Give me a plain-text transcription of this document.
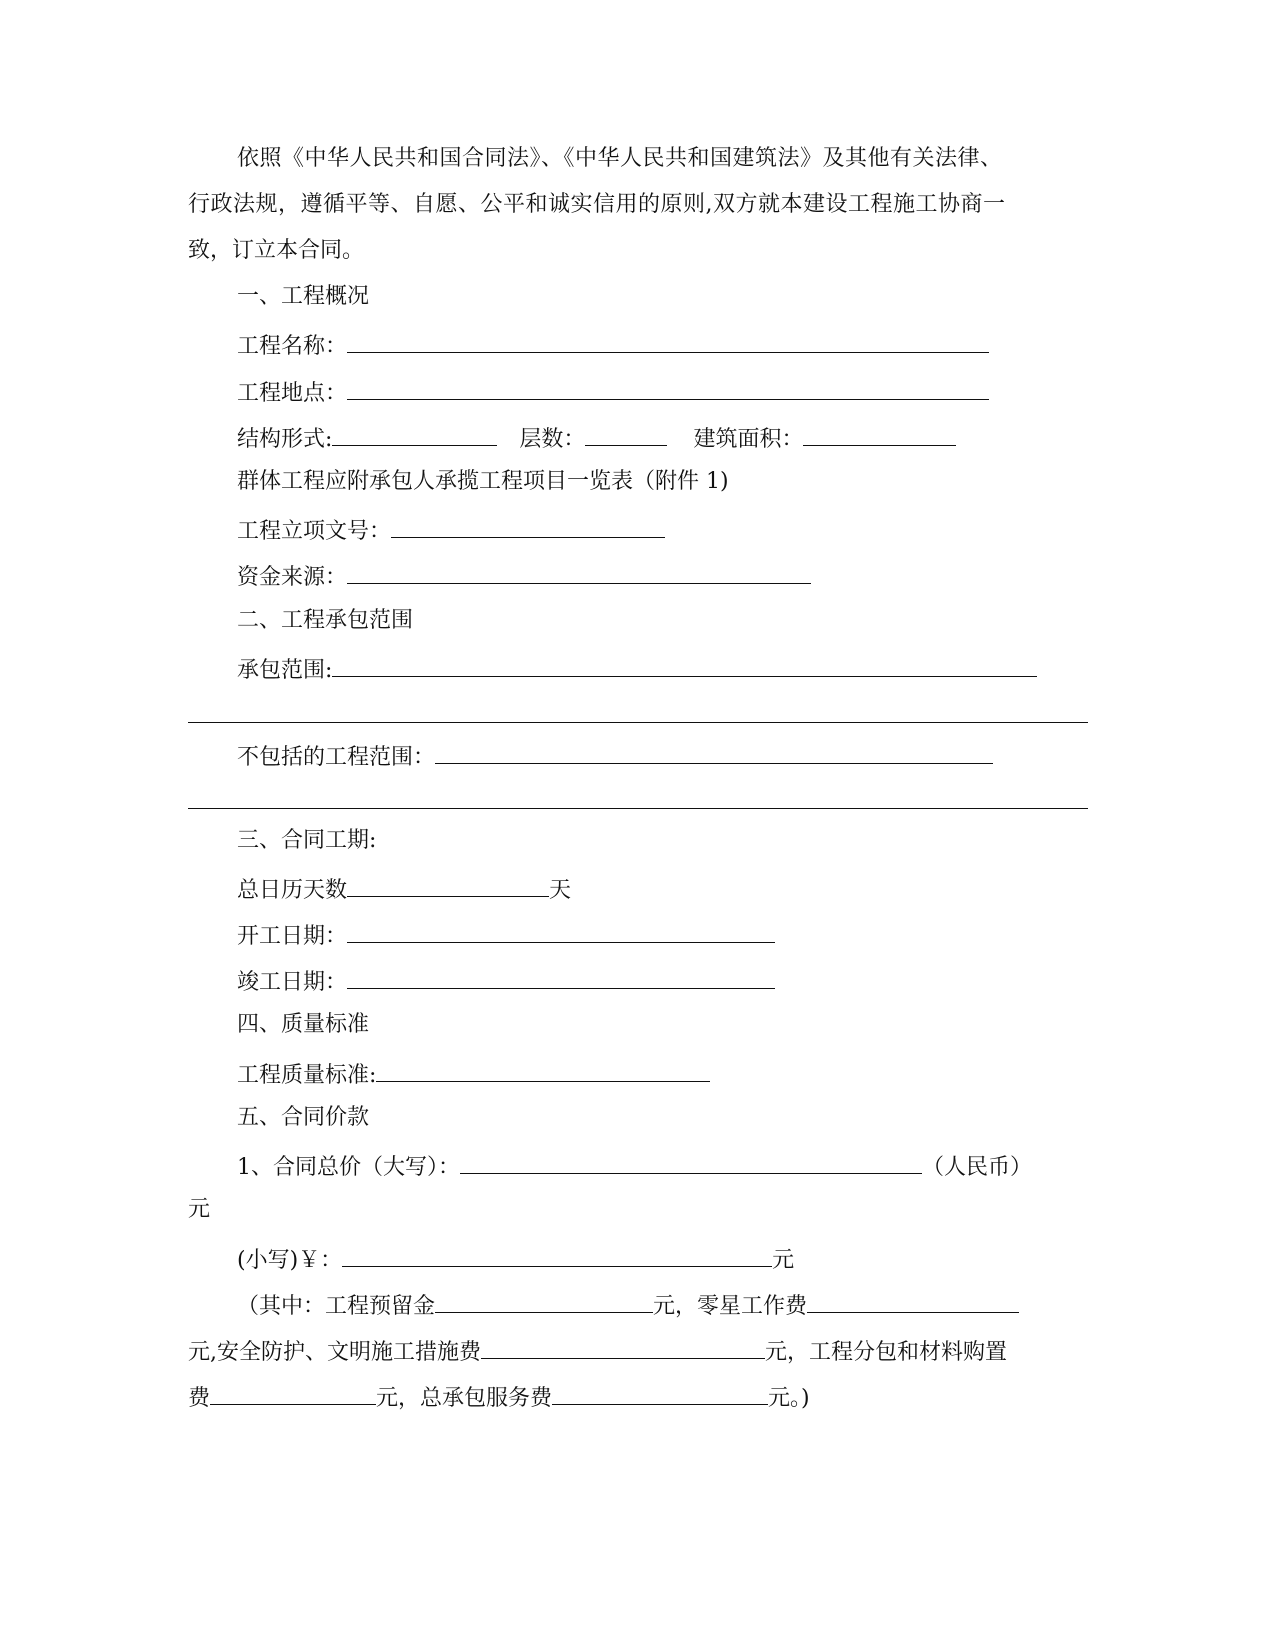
依照《中华人民共和国合同法》、《中华人民共和国建筑法》及其他有关法律、
行政法规，遵循平等、自愿、公平和诚实信用的原则,双方就本建设工程施工协商一
致，订立本合同。
一、工程概况
工程名称：
工程地点：
结构形式:	层数：	建筑面积：
群体工程应附承包人承揽工程项目一览表（附件 1)
工程立项文号：
资金来源：
二、工程承包范围
承包范围:
不包括的工程范围：
三、合同工期:
总日历天数	天
开工日期：
竣工日期：
四、质量标准
工程质量标准:
五、合同价款
1、合同总价（大写）：	（人民币）
元
(小写)￥：	元
（其中：工程预留金	元，零星工作费
元,安全防护、文明施工措施费	元，工程分包和材料购置
费	元，总承包服务费	元。)
